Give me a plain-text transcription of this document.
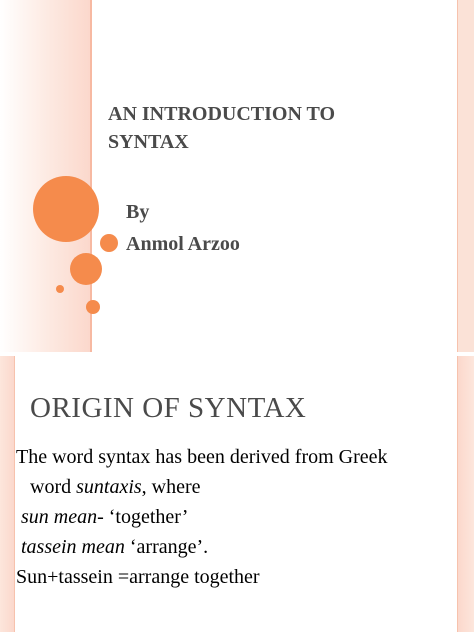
AN INTRODUCTION TO
SYNTAX
By
Anmol Arzoo
ORIGIN OF SYNTAX

The word syntax has been derived from Greek

word suntaxis, where

sun mean- ‘together’

tassein mean ‘arrange’.

Sun+tassein =arrange together
